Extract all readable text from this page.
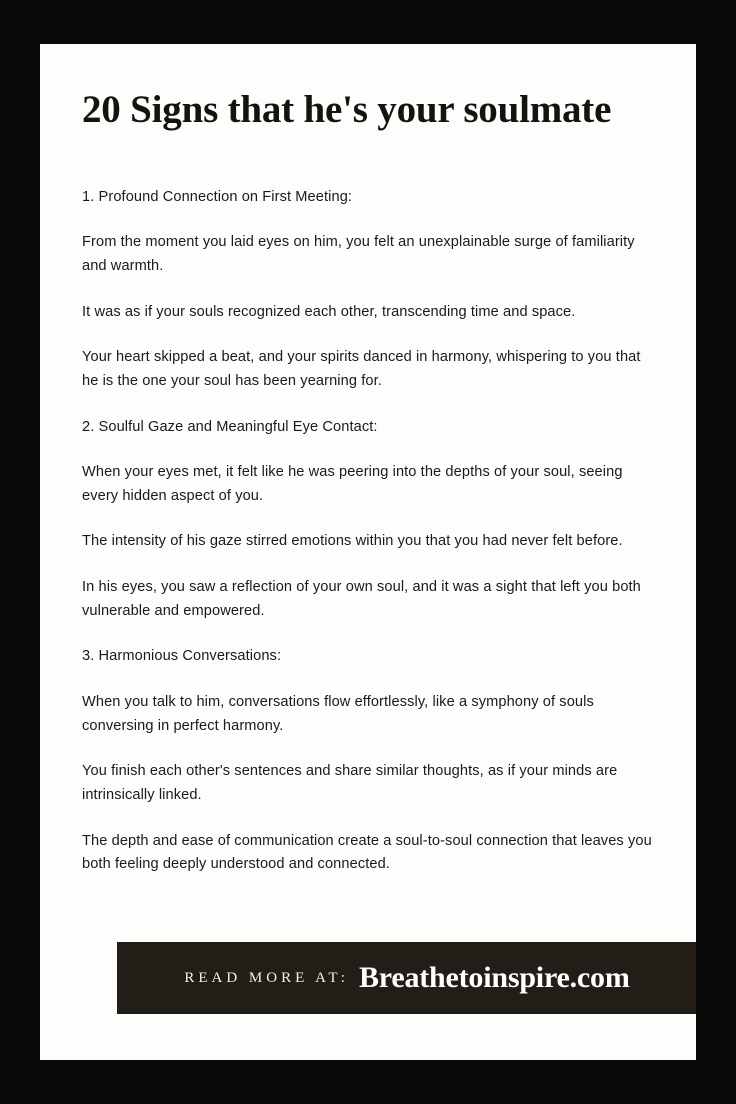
20 Signs that he's your soulmate

1. Profound Connection on First Meeting:

From the moment you laid eyes on him, you felt an unexplainable surge of familiarity and warmth.

It was as if your souls recognized each other, transcending time and space.

Your heart skipped a beat, and your spirits danced in harmony, whispering to you that he is the one your soul has been yearning for.

2. Soulful Gaze and Meaningful Eye Contact:

When your eyes met, it felt like he was peering into the depths of your soul, seeing every hidden aspect of you.

The intensity of his gaze stirred emotions within you that you had never felt before.

In his eyes, you saw a reflection of your own soul, and it was a sight that left you both vulnerable and empowered.

3. Harmonious Conversations:

When you talk to him, conversations flow effortlessly, like a symphony of souls conversing in perfect harmony.

You finish each other's sentences and share similar thoughts, as if your minds are intrinsically linked.

The depth and ease of communication create a soul-to-soul connection that leaves you both feeling deeply understood and connected.

READ MORE AT: Breathetoinspire.com
